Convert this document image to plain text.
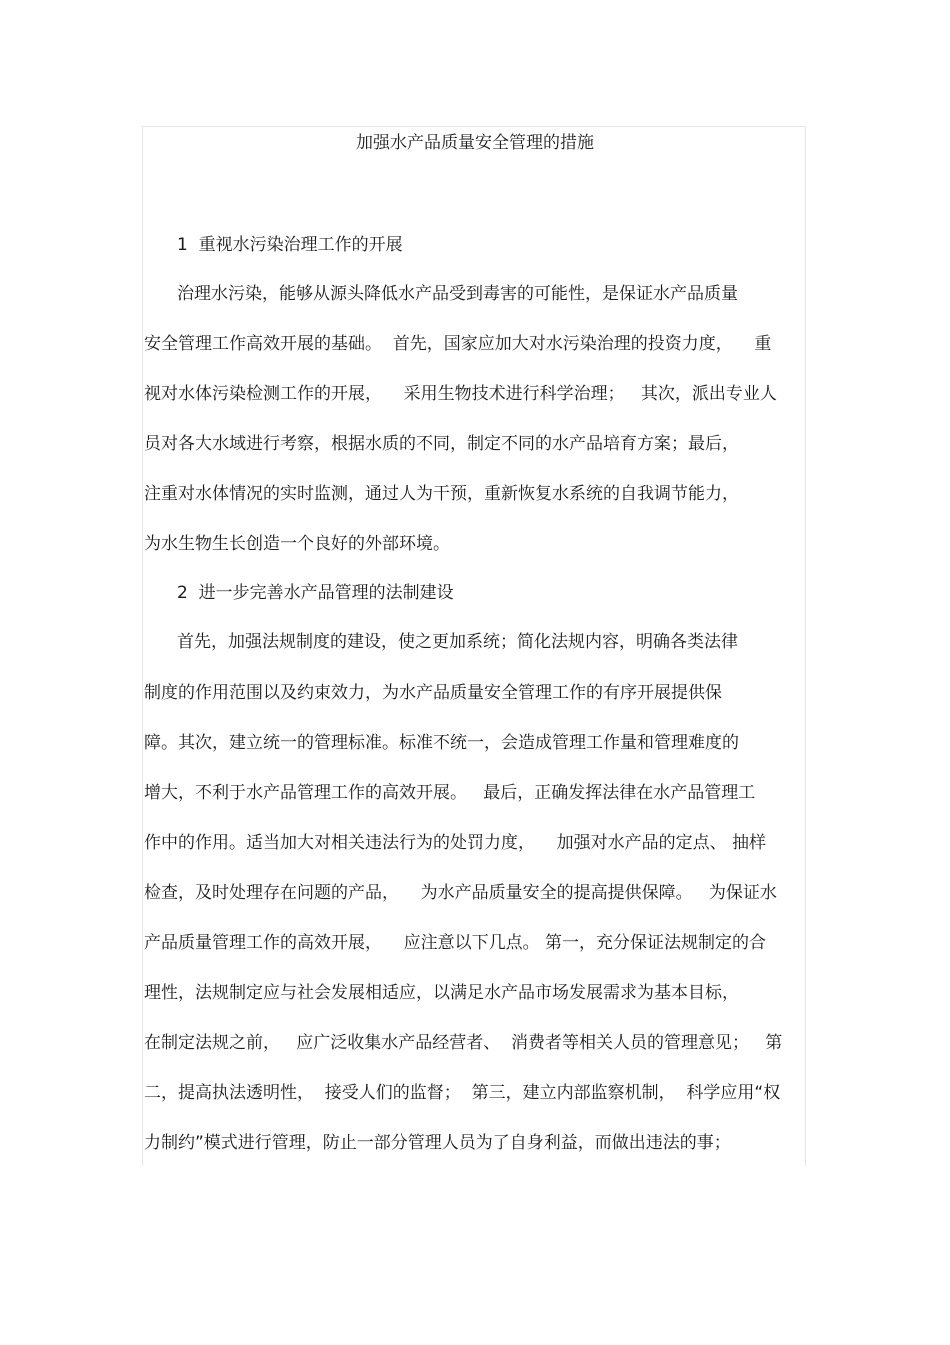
加强水产品质量安全管理的措施
1  重视水污染治理工作的开展
治理水污染，能够从源头降低水产品受到毒害的可能性，是保证水产品质量
安全管理工作高效开展的基础。  首先，国家应加大对水污染治理的投资力度，    重
视对水体污染检测工作的开展，    采用生物技术进行科学治理；   其次，派出专业人
员对各大水域进行考察，根据水质的不同，制定不同的水产品培育方案；最后，
注重对水体情况的实时监测，通过人为干预，重新恢复水系统的自我调节能力，
为水生物生长创造一个良好的外部环境。
2  进一步完善水产品管理的法制建设
首先，加强法规制度的建设，使之更加系统；简化法规内容，明确各类法律
制度的作用范围以及约束效力，为水产品质量安全管理工作的有序开展提供保
障。其次，建立统一的管理标准。标准不统一，会造成管理工作量和管理难度的
增大，不利于水产品管理工作的高效开展。   最后，正确发挥法律在水产品管理工
作中的作用。适当加大对相关违法行为的处罚力度，    加强对水产品的定点、 抽样
检查，及时处理存在问题的产品，    为水产品质量安全的提高提供保障。   为保证水
产品质量管理工作的高效开展，    应注意以下几点。 第一，充分保证法规制定的合
理性，法规制定应与社会发展相适应，以满足水产品市场发展需求为基本目标，
在制定法规之前，   应广泛收集水产品经营者、  消费者等相关人员的管理意见；   第
二，提高执法透明性，  接受人们的监督；  第三，建立内部监察机制，  科学应用“权
力制约”模式进行管理，防止一部分管理人员为了自身利益，而做出违法的事；
